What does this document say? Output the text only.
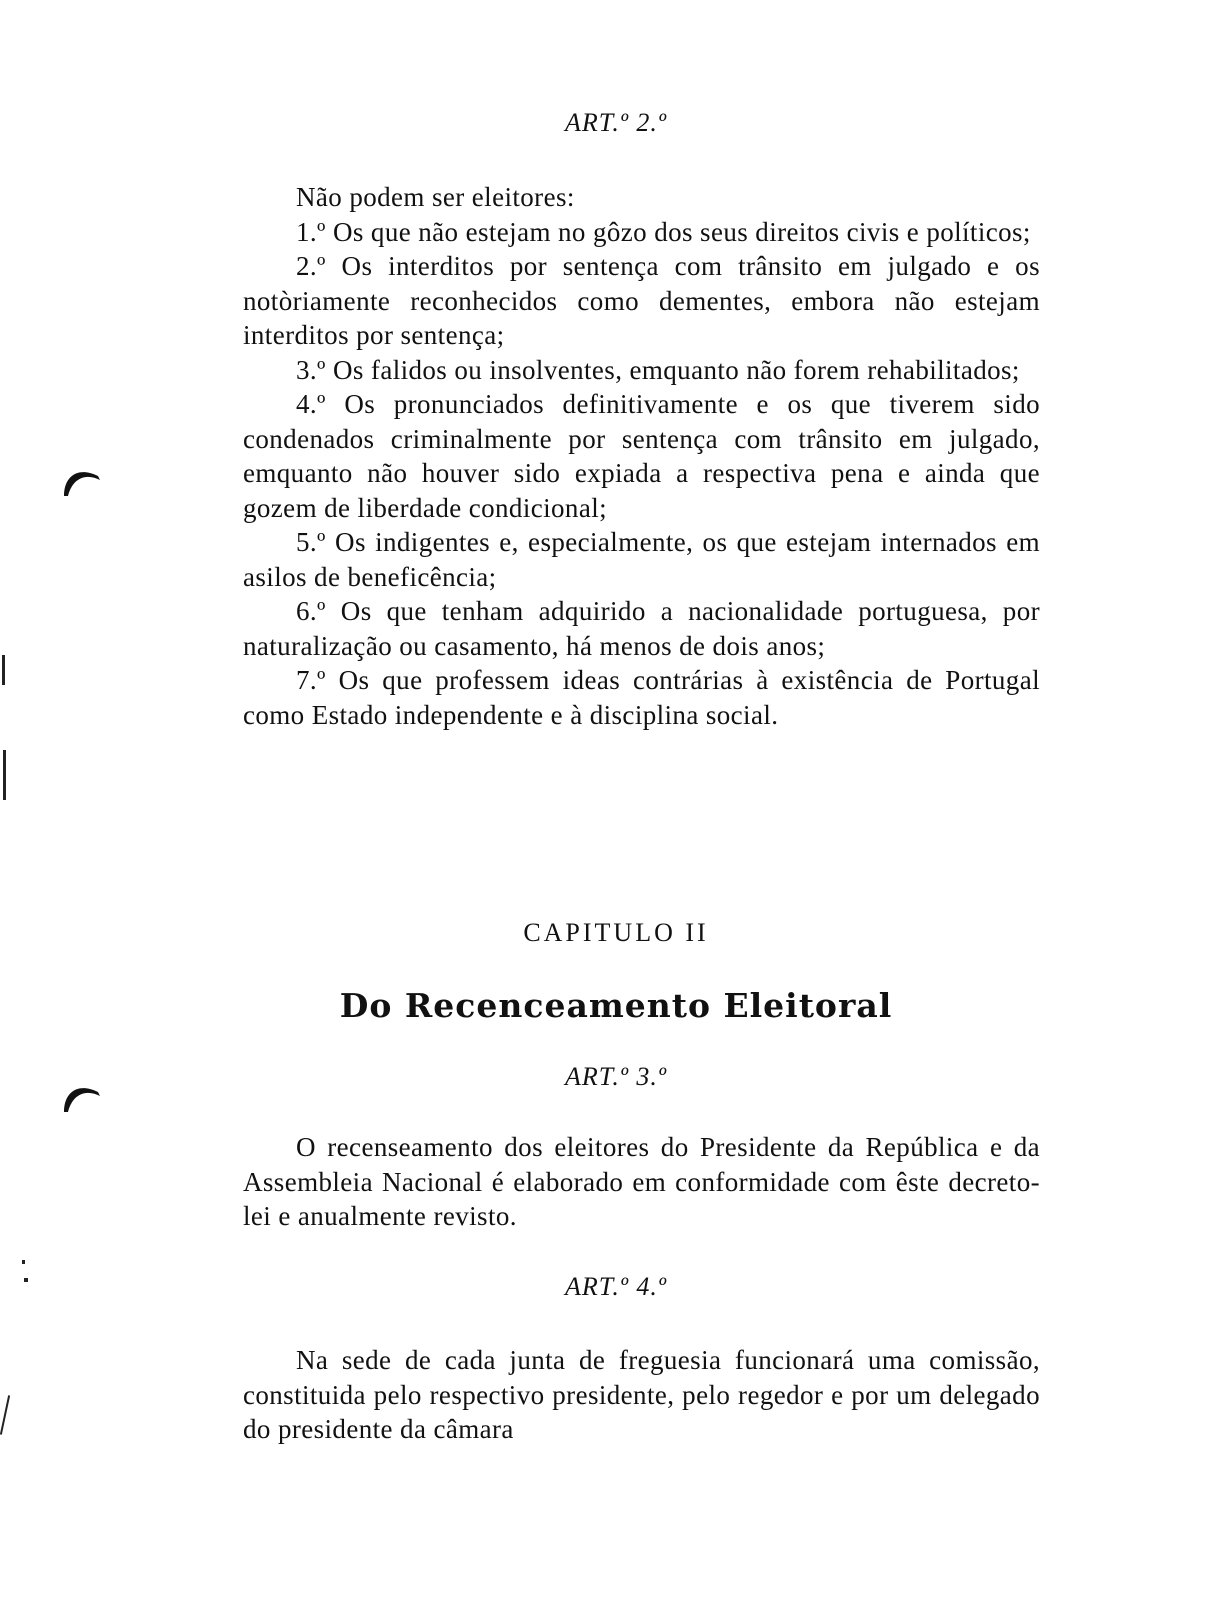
ART.º 2.º

Não podem ser eleitores:

1.º Os que não estejam no gôzo dos seus direitos civis e políticos;

2.º Os interditos por sentença com trânsito em julgado e os notòriamente reconhecidos como dementes, embora não estejam interditos por sentença;

3.º Os falidos ou insolventes, emquanto não forem rehabilitados;

4.º Os pronunciados definitivamente e os que tiverem sido condenados criminalmente por sentença com trânsito em julgado, emquanto não houver sido expiada a respectiva pena e ainda que gozem de liberdade condicional;

5.º Os indigentes e, especialmente, os que estejam internados em asilos de beneficência;

6.º Os que tenham adquirido a nacionalidade portuguesa, por naturalização ou casamento, há menos de dois anos;

7.º Os que professem ideas contrárias à existência de Portugal como Estado independente e à disciplina social.

CAPITULO II
Do Recenceamento Eleitoral
ART.º 3.º

O recenseamento dos eleitores do Presidente da República e da Assembleia Nacional é elaborado em conformidade com êste decreto-lei e anualmente revisto.

ART.º 4.º

Na sede de cada junta de freguesia funcionará uma comissão, constituida pelo respectivo presidente, pelo regedor e por um delegado do presidente da câmara
